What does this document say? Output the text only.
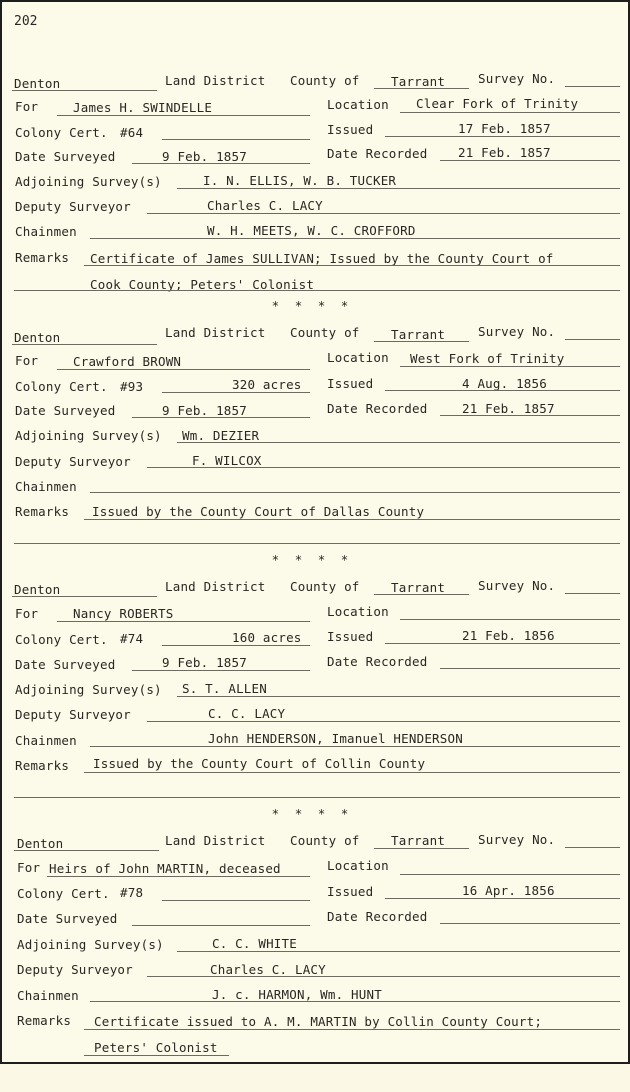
202
Denton	Land District County of	Tarrant	Survey No.
For	James H. SWINDELLE	Location Clear Fork of Trinity
Colony Cert. #64	Issued	17 Feb. 1857
Date Surveyed	9 Feb. 1857	Date Recorded 21 Feb. 1857
Adjoining Survey(s)	I. N. ELLIS, W. B. TUCKER
Deputy Surveyor	Charles C. LACY
Chainmen	W. H. MEETS, W. C. CROFFORD
Remarks Certificate of James SULLIVAN; Issued by the County Court of
Cook County; Peters' Colonist
* * * *
Denton	Land District County of	Tarrant	Survey No.
For	Crawford BROWN	Location West Fork of Trinity
Colony Cert. #93	320 acres Issued	4 Aug. 1856
Date Surveyed	9 Feb. 1857	Date Recorded	21 Feb. 1857
Adjoining Survey(s) Wm. DEZIER
Deputy Surveyor	F. WILCOX
Chainmen
Remarks Issued by the County Court of Dallas County
* * * *
Denton	Land District County of	Tarrant	Survey No.
For	Nancy ROBERTS	Location
Colony Cert. #74	160 acres Issued	21 Feb. 1856
Date Surveyed	9 Feb. 1857	Date Recorded
Adjoining Survey(s) S. T. ALLEN
Deputy Surveyor	C. C. LACY
Chainmen	John HENDERSON, Imanuel HENDERSON
Remarks Issued by the County Court of Collin County
* * * *
Denton	Land District County of	Tarrant	Survey No.
For Heirs of John MARTIN, deceased	Location
Colony Cert. #78	Issued	16 Apr. 1856
Date Surveyed	Date Recorded
Adjoining Survey(s)	C. C. WHITE
Deputy Surveyor	Charles C. LACY
Chainmen	J. c. HARMON, Wm. HUNT
Remarks Certificate issued to A. M. MARTIN by Collin County Court;
Peters' Colonist
